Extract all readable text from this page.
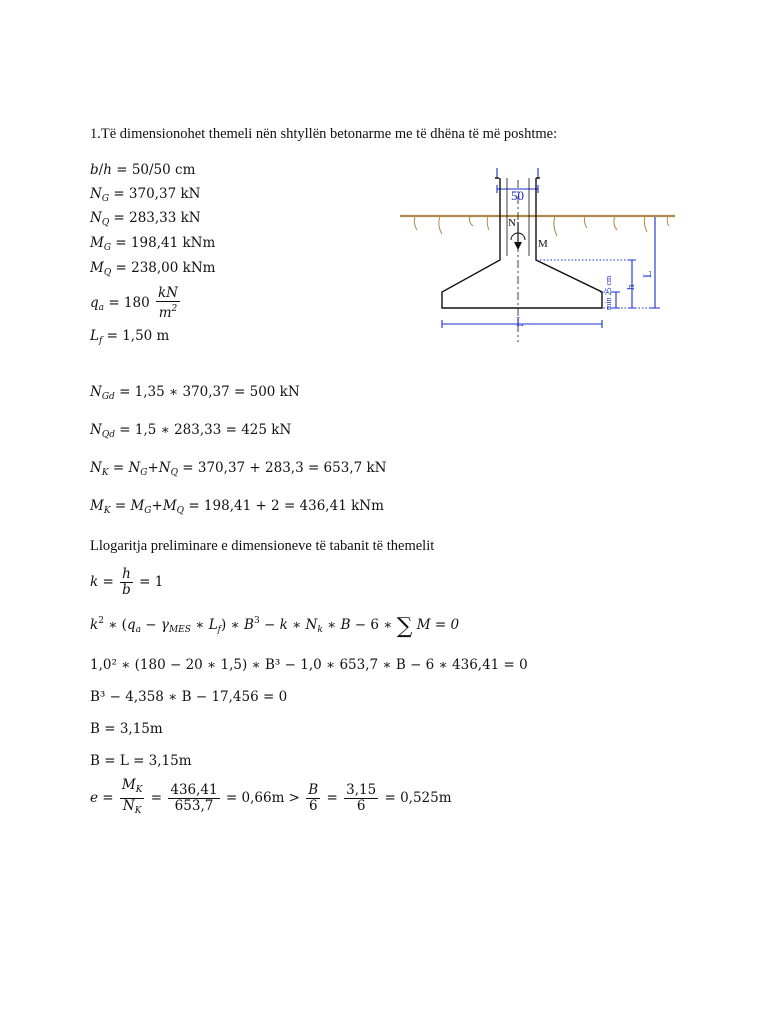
1.Të dimensionohet themeli nën shtyllën betonarme me të dhëna të më poshtme:
b/h = 50/50 cm
$N_G = 370,37$ kN
$N_Q = 283,33$ kN
$M_G = 198,41$ kNm
$M_Q = 238,00$ kNm
$q_a = 180 \frac{kN}{m^2}$
$L_f = 1,50$ m
$N_{Gd} = 1,35$ ∗ 370,37 = 500 kN
$N_{Qd} = 1,5$ ∗ 283,33 = 425 kN
$N_K = N_G+N_Q = 370,37 + 283,3 = 653,7$ kN
$M_K = M_G+M_Q = 198,41 + 2 = 436,41$ kNm
Llogaritja preliminare e dimensioneve të tabanit të themelit
$k = \frac{h}{b} = 1$
$k^2$ ∗ ($q_a - \gamma_{MES}$ ∗ $L_f$) ∗ $B^3 - k$ ∗ $N_k$ ∗ B − 6 ∗ ∑ M = 0
1,0² ∗ (180 − 20 ∗ 1,5) ∗ B³ − 1,0 ∗ 653,7 ∗ B − 6 ∗ 436,41 = 0
B³ − 4,358 ∗ B − 17,456 = 0
B = 3,15m
B = L = 3,15m
$e = \frac{M_K}{N_K} = \frac{436,41}{653,7} = 0,66m > \frac{B}{6} = \frac{3,15}{6} = 0,525m$
50
N
M
L
L
h
min 25 cm
